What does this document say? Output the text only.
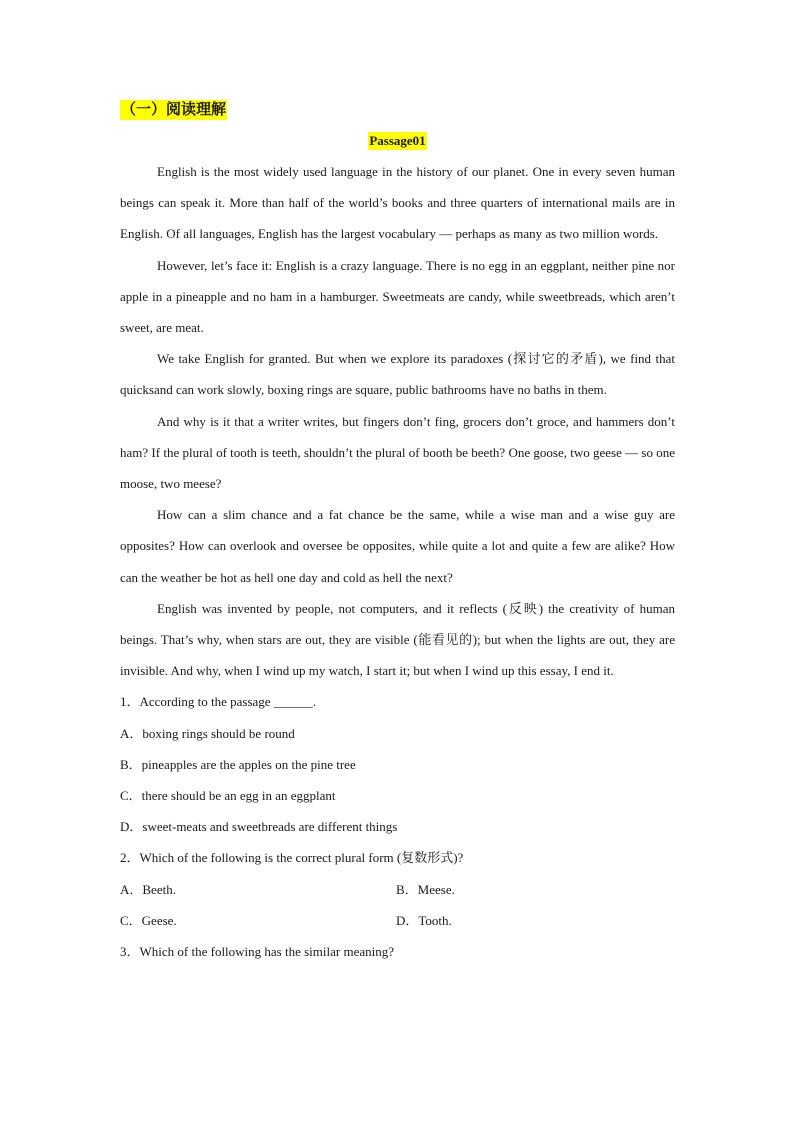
（一）阅读理解
Passage01

English is the most widely used language in the history of our planet. One in every seven human beings can speak it. More than half of the world’s books and three quarters of international mails are in English. Of all languages, English has the largest vocabulary — perhaps as many as two million words.

However, let’s face it: English is a crazy language. There is no egg in an eggplant, neither pine nor apple in a pineapple and no ham in a hamburger. Sweetmeats are candy, while sweetbreads, which aren’t sweet, are meat.

We take English for granted. But when we explore its paradoxes (探讨它的矛盾), we find that quicksand can work slowly, boxing rings are square, public bathrooms have no baths in them.

And why is it that a writer writes, but fingers don’t fing, grocers don’t groce, and hammers don’t ham? If the plural of tooth is teeth, shouldn’t the plural of booth be beeth? One goose, two geese — so one moose, two meese?

How can a slim chance and a fat chance be the same, while a wise man and a wise guy are opposites? How can overlook and oversee be opposites, while quite a lot and quite a few are alike? How can the weather be hot as hell one day and cold as hell the next?

English was invented by people, not computers, and it reflects (反映) the creativity of human beings. That’s why, when stars are out, they are visible (能看见的); but when the lights are out, they are invisible. And why, when I wind up my watch, I start it; but when I wind up this essay, I end it.

1．According to the passage ______.

A．boxing rings should be round

B．pineapples are the apples on the pine tree

C．there should be an egg in an eggplant

D．sweet-meats and sweetbreads are different things

2．Which of the following is the correct plural form (复数形式)?

A．Beeth.	B．Meese.
C．Geese.	D．Tooth.

3．Which of the following has the similar meaning?
